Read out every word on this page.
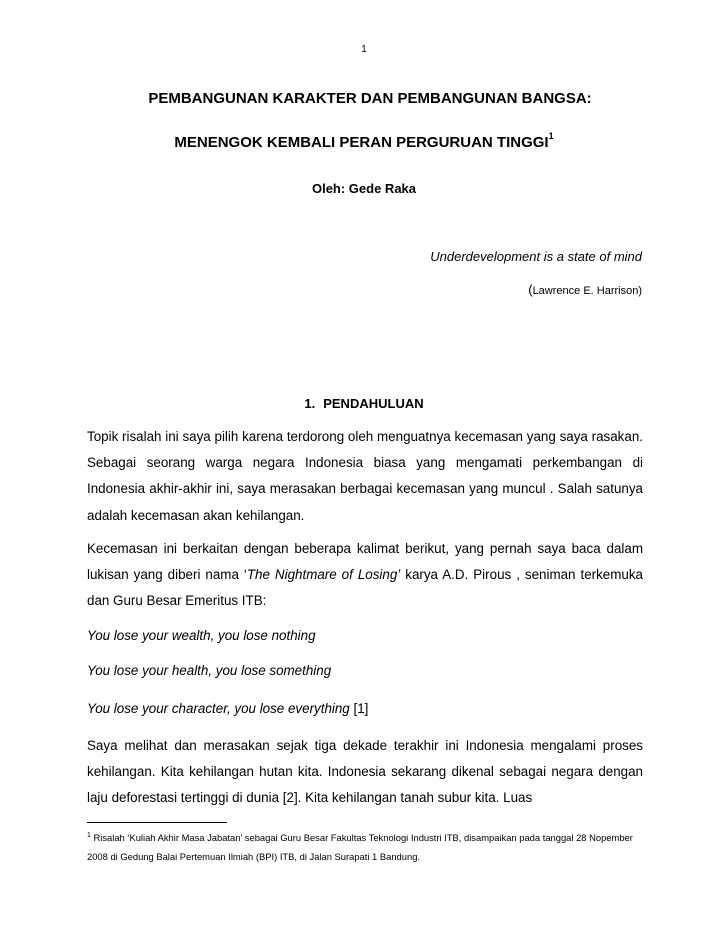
1
PEMBANGUNAN KARAKTER DAN PEMBANGUNAN BANGSA:
MENENGOK KEMBALI PERAN PERGURUAN TINGGI$^1$
Oleh: Gede Raka

Underdevelopment is a state of mind

(Lawrence E. Harrison)

1. PENDAHULUAN

Topik risalah ini saya pilih karena terdorong oleh menguatnya kecemasan yang saya rasakan. Sebagai seorang warga negara Indonesia biasa yang mengamati perkembangan di Indonesia akhir-akhir ini, saya merasakan berbagai kecemasan yang muncul . Salah satunya adalah kecemasan akan kehilangan.

Kecemasan ini berkaitan dengan beberapa kalimat berikut, yang pernah saya baca dalam lukisan yang diberi nama ‘The Nightmare of Losing’ karya A.D. Pirous , seniman terkemuka dan Guru Besar Emeritus ITB:

You lose your wealth, you lose nothing

You lose your health, you lose something

You lose your character, you lose everything [1]

Saya melihat dan merasakan sejak tiga dekade terakhir ini Indonesia mengalami proses kehilangan. Kita kehilangan hutan kita. Indonesia sekarang dikenal sebagai negara dengan laju deforestasi tertinggi di dunia [2]. Kita kehilangan tanah subur kita. Luas

$^1$ Risalah ‘Kuliah Akhir Masa Jabatan’ sebagai Guru Besar Fakultas Teknologi Industri ITB, disampaikan pada tanggal 28 Nopember 2008 di Gedung Balai Pertemuan Ilmiah (BPI) ITB, di Jalan Surapati 1 Bandung.
